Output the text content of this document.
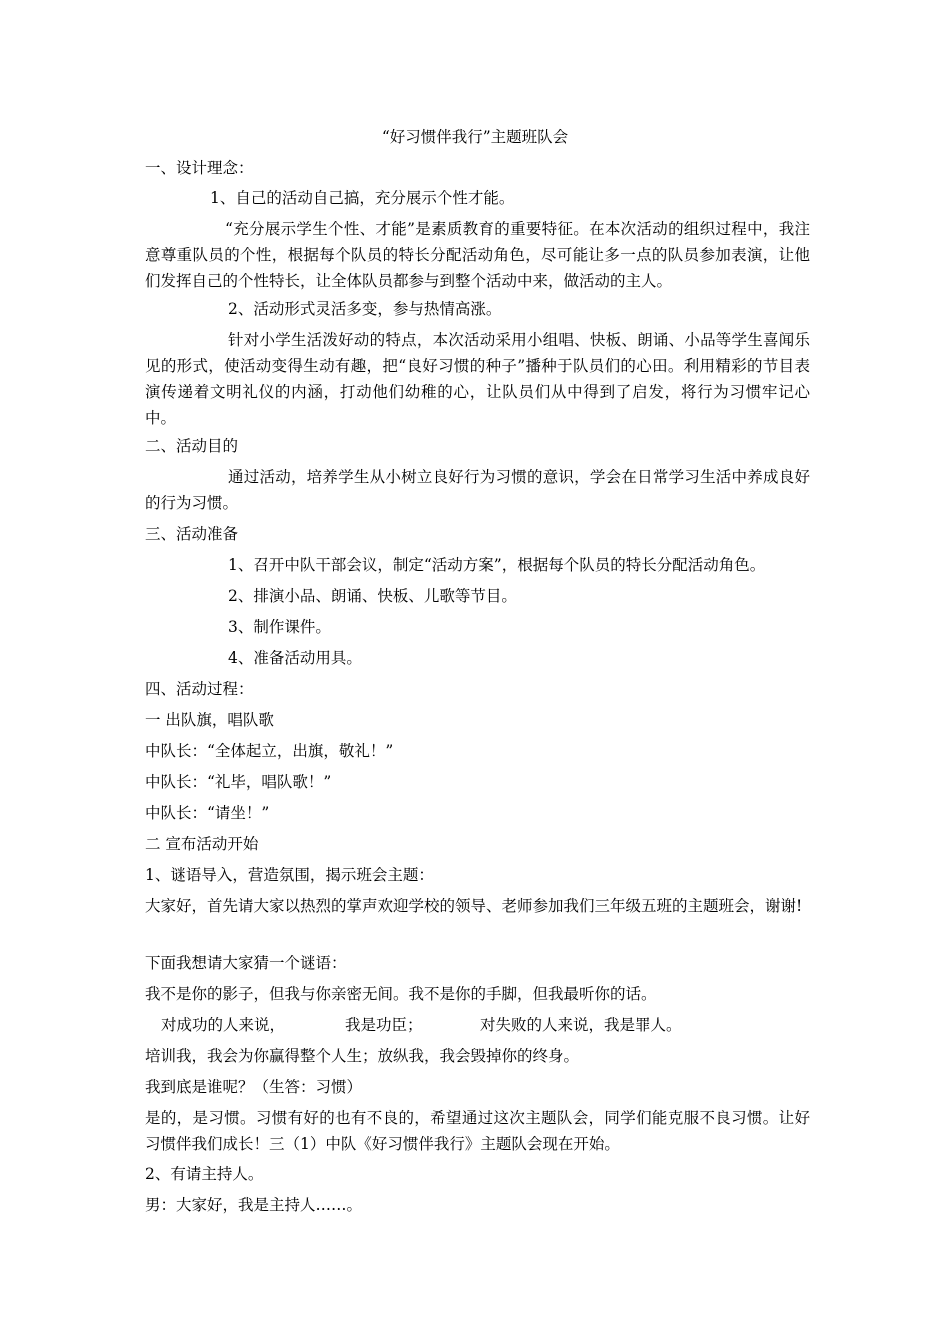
“好习惯伴我行”主题班队会
一、设计理念：
1、自己的活动自己搞，充分展示个性才能。
“充分展示学生个性、才能”是素质教育的重要特征。在本次活动的组织过程中，我注意尊重队员的个性，根据每个队员的特长分配活动角色，尽可能让多一点的队员参加表演，让他们发挥自己的个性特长，让全体队员都参与到整个活动中来，做活动的主人。
2、活动形式灵活多变，参与热情高涨。
针对小学生活泼好动的特点，本次活动采用小组唱、快板、朗诵、小品等学生喜闻乐见的形式，使活动变得生动有趣，把“良好习惯的种子”播种于队员们的心田。利用精彩的节目表演传递着文明礼仪的内涵，打动他们幼稚的心，让队员们从中得到了启发，将行为习惯牢记心中。
二、活动目的
通过活动，培养学生从小树立良好行为习惯的意识，学会在日常学习生活中养成良好的行为习惯。
三、活动准备
1、召开中队干部会议，制定“活动方案”，根据每个队员的特长分配活动角色。
2、排演小品、朗诵、快板、儿歌等节目。
3、制作课件。
4、准备活动用具。
四、活动过程：
一 出队旗，唱队歌
中队长：“全体起立，出旗，敬礼！”
中队长：“礼毕，唱队歌！”
中队长：“请坐！”
二 宣布活动开始
1、谜语导入，营造氛围，揭示班会主题：
大家好，首先请大家以热烈的掌声欢迎学校的领导、老师参加我们三年级五班的主题班会，谢谢!
下面我想请大家猜一个谜语：
我不是你的影子，但我与你亲密无间。我不是你的手脚，但我最听你的话。
对成功的人来说，	我是功臣；	对失败的人来说，我是罪人。
培训我，我会为你赢得整个人生；放纵我，我会毁掉你的终身。
我到底是谁呢？（生答：习惯）
是的，是习惯。习惯有好的也有不良的，希望通过这次主题队会，同学们能克服不良习惯。让好习惯伴我们成长！三（1）中队《好习惯伴我行》主题队会现在开始。
2、有请主持人。
男：大家好，我是主持人……。
